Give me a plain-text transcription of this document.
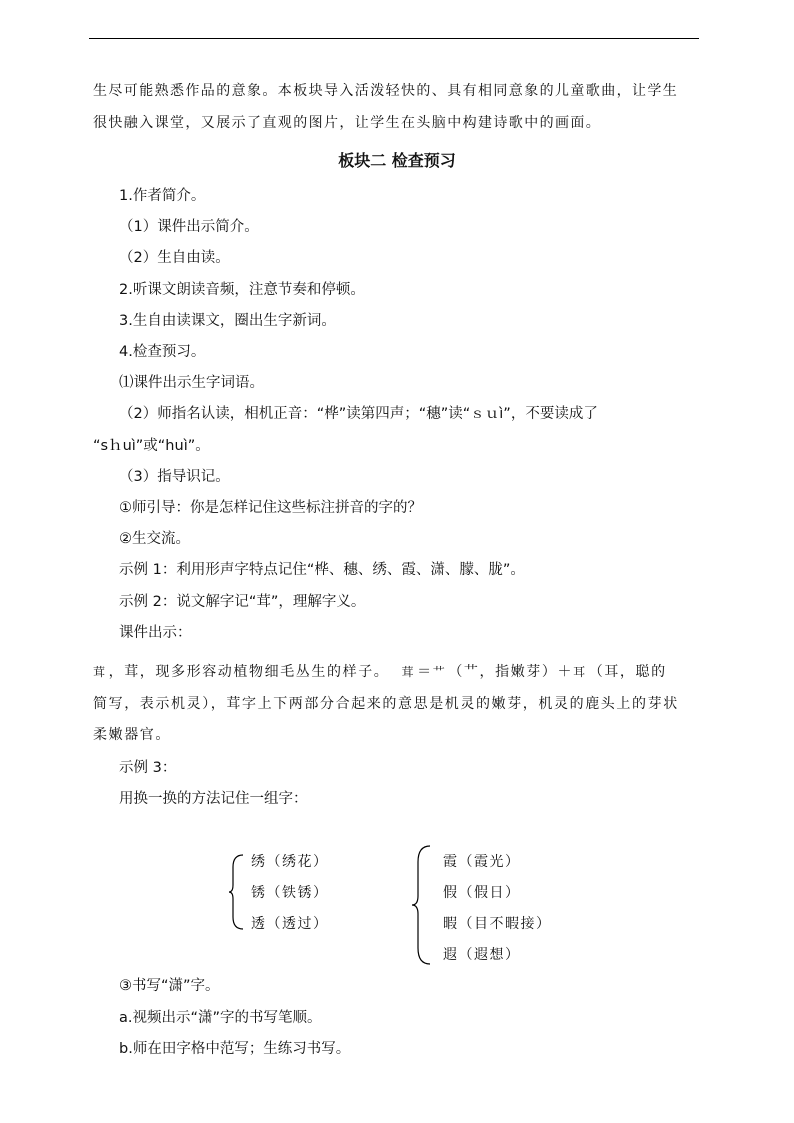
生尽可能熟悉作品的意象。本板块导入活泼轻快的、具有相同意象的儿童歌曲，让学生
很快融入课堂，又展示了直观的图片，让学生在头脑中构建诗歌中的画面。
板块二 检查预习
1.作者简介。
（1）课件出示简介。
（2）生自由读。
2.听课文朗读音频，注意节奏和停顿。
3.生自由读课文，圈出生字新词。
4.检查预习。
⑴课件出示生字词语。
（2）师指名认读，相机正音：“桦”读第四声；“穗”读“ｓｕì”，不要读成了
“sｈuì”或“huì”。
（3）指导识记。
①师引导：你是怎样记住这些标注拼音的字的？
②生交流。
示例 1：利用形声字特点记住“桦、穗、绣、霞、潇、朦、胧”。
示例 2：说文解字记“茸”，理解字义。
课件出示：
茸 ，茸，现多形容动植物细毛丛生的样子。 茸 ＝艹 （艹，指嫩芽）＋耳 （耳，聪的
简写，表示机灵），茸字上下两部分合起来的意思是机灵的嫩芽，机灵的鹿头上的芽状
柔嫩器官。
示例 3：
用换一换的方法记住一组字：
绣（绣花）
锈（铁锈）
透（透过）
霞（霞光）
假（假日）
暇（目不暇接）
遐（遐想）
③书写“潇”字。
a.视频出示“潇”字的书写笔顺。
b.师在田字格中范写；生练习书写。
